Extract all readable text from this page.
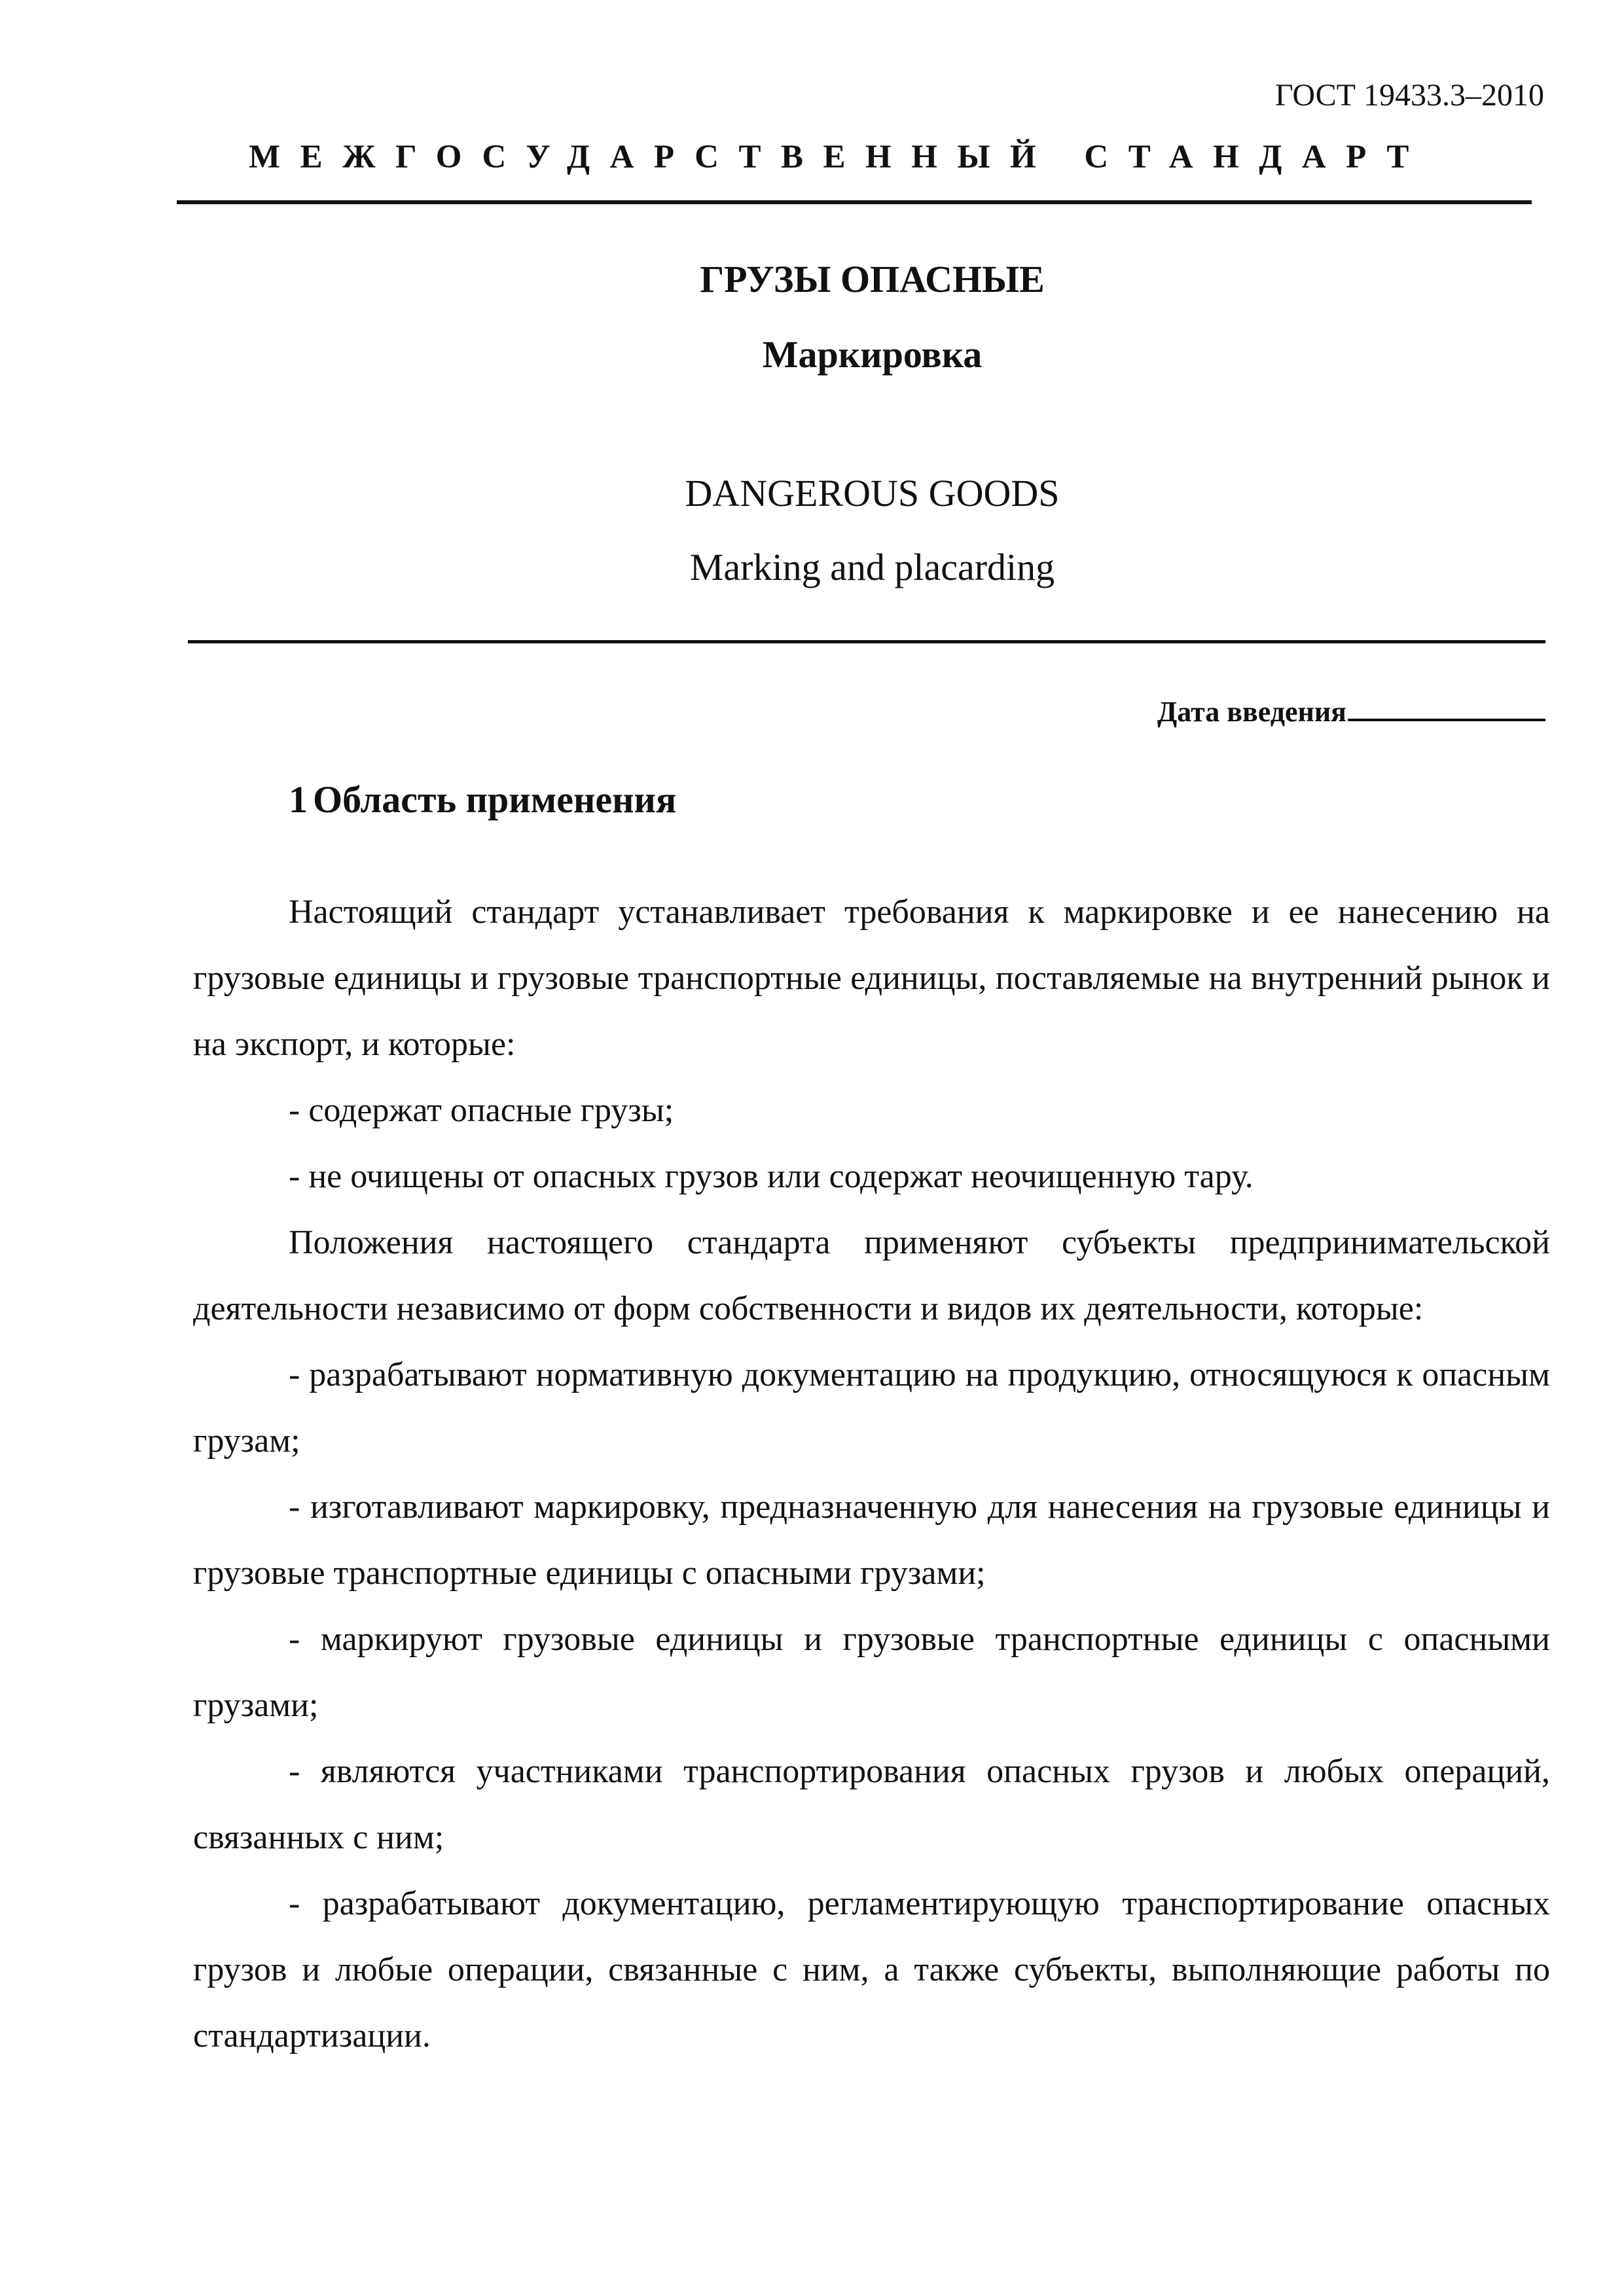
ГОСТ 19433.3–2010
МЕЖГОСУДАРСТВЕННЫЙ СТАНДАРТ
ГРУЗЫ ОПАСНЫЕ
Маркировка
DANGEROUS GOODS
Marking and placarding
Дата введения
1 Область применения

Настоящий стандарт устанавливает требования к маркировке и ее нанесению на грузовые единицы и грузовые транспортные единицы, поставляемые на внутренний рынок и на экспорт, и которые:

- содержат опасные грузы;

- не очищены от опасных грузов или содержат неочищенную тару.

Положения настоящего стандарта применяют субъекты предпринимательской деятельности независимо от форм собственности и видов их деятельности, которые:

- разрабатывают нормативную документацию на продукцию, относящуюся к опасным грузам;

- изготавливают маркировку, предназначенную для нанесения на грузовые единицы и грузовые транспортные единицы с опасными грузами;

- маркируют грузовые единицы и грузовые транспортные единицы с опасными грузами;

- являются участниками транспортирования опасных грузов и любых операций, связанных с ним;

- разрабатывают документацию, регламентирующую транспортирование опасных грузов и любые операции, связанные с ним, а также субъекты, выполняющие работы по стандартизации.
